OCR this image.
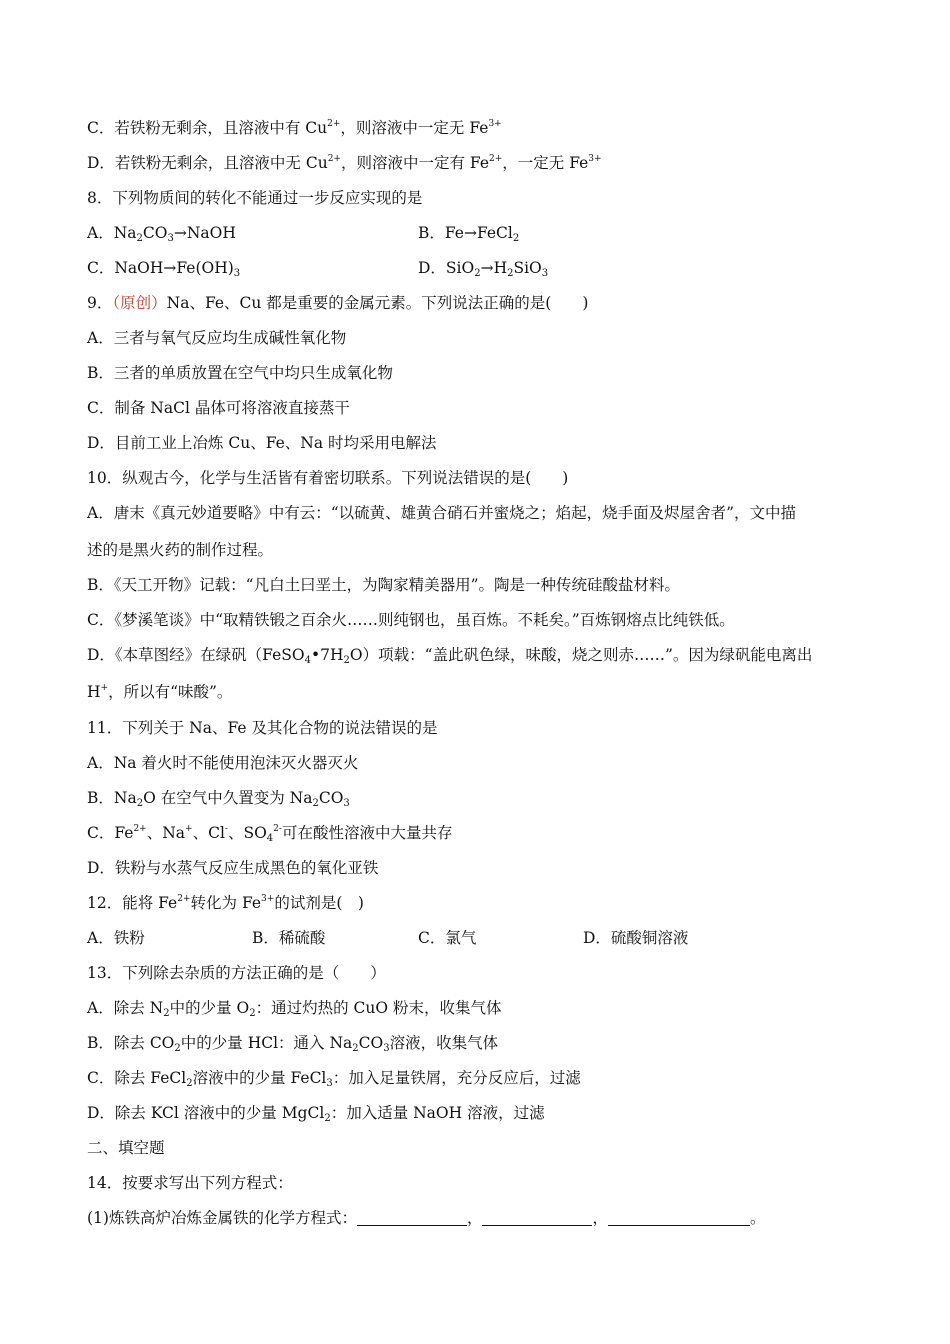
C．若铁粉无剩余，且溶液中有 $Cu^{2+}$，则溶液中一定无 $Fe^{3+}$
D．若铁粉无剩余，且溶液中无 $Cu^{2+}$，则溶液中一定有 $Fe^{2+}$，一定无 $Fe^{3+}$
8．下列物质间的转化不能通过一步反应实现的是
A．$Na_2CO_3\to NaOH$	B．Fe→FeCl$_2$
C．$NaOH\to Fe(OH)_3$	D．$SiO_2\to H_2SiO_3$
9．（原创）Na、Fe、Cu 都是重要的金属元素。下列说法正确的是(　　)
A．三者与氧气反应均生成碱性氧化物
B．三者的单质放置在空气中均只生成氧化物
C．制备 NaCl 晶体可将溶液直接蒸干
D．目前工业上冶炼 Cu、Fe、Na 时均采用电解法
10．纵观古今，化学与生活皆有着密切联系。下列说法错误的是(　　)
A．唐末《真元妙道要略》中有云：“以硫黄、雄黄合硝石并蜜烧之；焰起，烧手面及烬屋舍者”，文中描
述的是黑火药的制作过程。
B．《天工开物》记载：“凡白土曰垩土，为陶家精美器用”。陶是一种传统硅酸盐材料。
C．《梦溪笔谈》中“取精铁锻之百余火……则纯钢也，虽百炼。不耗矣。”百炼钢熔点比纯铁低。
D．《本草图经》在绿矾$(FeSO_4•7H_2O)$项载：“盖此矾色绿，味酸，烧之则赤……”。因为绿矾能电离出
H+，所以有“味酸”。
11．下列关于 Na、Fe 及其化合物的说法错误的是
A．Na 着火时不能使用泡沫灭火器灭火
B．$Na_2O$ 在空气中久置变为 $Na_2CO_3$
C．$Fe^{2+}$、Na+、Cl-、$SO_4^{2-}$可在酸性溶液中大量共存
D．铁粉与水蒸气反应生成黑色的氧化亚铁
12．能将 $Fe^{2+}$转化为 $Fe^{3+}$的试剂是(　)
A．铁粉	B．稀硫酸	C．氯气	D．硫酸铜溶液
13．下列除去杂质的方法正确的是（　　）
A．除去 $N_2$中的少量 $O_2$：通过灼热的 CuO 粉末，收集气体
B．除去 $CO_2$中的少量 HCl：通入 $Na_2CO_3$溶液，收集气体
C．除去 FeCl$_2$溶液中的少量 FeCl$_3$：加入足量铁屑，充分反应后，过滤
D．除去 KCl 溶液中的少量 MgCl$_2$：加入适量 NaOH 溶液，过滤
二、填空题
14．按要求写出下列方程式：
(1)炼铁高炉冶炼金属铁的化学方程式：	，	，	。
